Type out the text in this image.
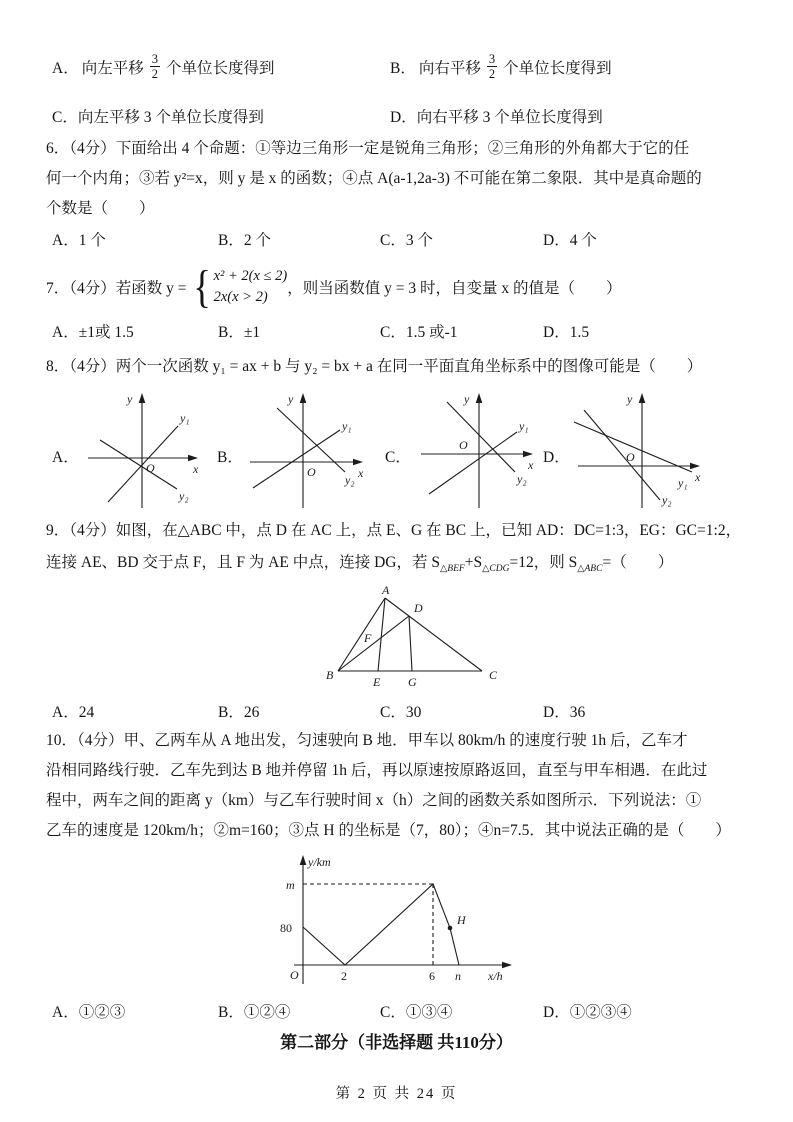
A． 向左平移 $\frac{3}{2}$ 个单位长度得到	B． 向右平移 $\frac{3}{2}$ 个单位长度得到
C．向左平移 3 个单位长度得到	D．向右平移 3 个单位长度得到
6．（4分）下面给出 4 个命题：①等边三角形一定是锐角三角形；②三角形的外角都大于它的任
何一个内角；③若 y²=x，则 y 是 x 的函数；④点 A(a-1,2a-3) 不可能在第二象限．其中是真命题的
个数是（　　）
A．1 个	B．2 个	C．3 个	D．4 个
7．（4分）若函数 y = { x² + 2(x ≤ 2)
2x(x > 2)	，则当函数值 y = 3 时，自变量 x 的值是（　　）
A．±1或 1.5	B．±1	C．1.5 或-1	D．1.5
8．（4分）两个一次函数 y₁ = ax + b 与 y₂ = bx + a 在同一平面直角坐标系中的图像可能是（　　）
A．
y
x
O
y₁
y₂
B．
y
x
O
y₁
y₂
C．
y
x
O
y₁
y₂
D．
y
x
O
y₁
y₂
9．（4分）如图，在△ABC 中，点 D 在 AC 上，点 E、G 在 BC 上，已知 AD：DC=1:3，EG：GC=1:2，
连接 AE、BD 交于点 F，且 F 为 AE 中点，连接 DG，若 $S_{\triangle BEF}+S_{\triangle CDG}=12$，则 $S_{\triangle ABC}=$（　　）
A
B	C
D
E
F
G
A．24	B．26	C．30	D．36
10．（4分）甲、乙两车从 A 地出发，匀速驶向 B 地．甲车以 80km/h 的速度行驶 1h 后，乙车才
沿相同路线行驶．乙车先到达 B 地并停留 1h 后，再以原速按原路返回，直至与甲车相遇．在此过
程中，两车之间的距离 y（km）与乙车行驶时间 x（h）之间的函数关系如图所示．下列说法：①
乙车的速度是 120km/h；②m=160；③点 H 的坐标是（7，80）；④n=7.5．其中说法正确的是（　　）
y/km
x/h
O
80
m
2	6 n
H
A．①②③	B．①②④	C．①③④	D．①②③④
第二部分（非选择题 共110分）
第 2 页 共 24 页
